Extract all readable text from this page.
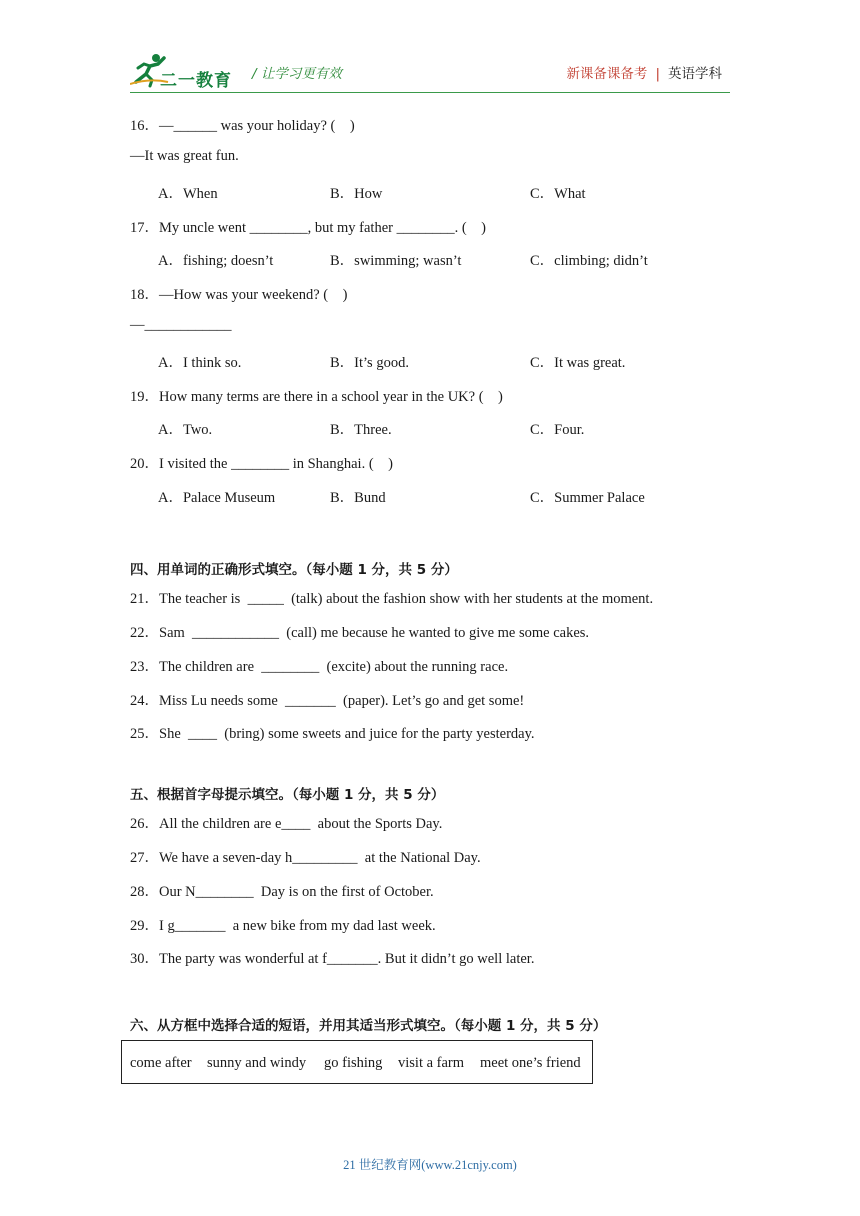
二一教育 / 让学习更有效	新课备课备考 | 英语学科
16．—______ was your holiday? (    )
—It was great fun.
A．When	B．How	C．What
17．My uncle went ________, but my father ________. (    )
A．fishing; doesn’t	B．swimming; wasn’t	C．climbing; didn’t
18．—How was your weekend? (    )
—____________
A．I think so.	B．It’s good.	C．It was great.
19．How many terms are there in a school year in the UK? (    )
A．Two.	B．Three.	C．Four.
20．I visited the ________ in Shanghai. (    )
A．Palace Museum	B．Bund	C．Summer Palace
四、用单词的正确形式填空。（每小题 1 分，共 5 分）
21．The teacher is  _____  (talk) about the fashion show with her students at the moment.
22．Sam  ____________  (call) me because he wanted to give me some cakes.
23．The children are  ________  (excite) about the running race.
24．Miss Lu needs some  _______  (paper). Let’s go and get some!
25．She  ____  (bring) some sweets and juice for the party yesterday.
五、根据首字母提示填空。（每小题 1 分，共 5 分）
26．All the children are e____  about the Sports Day.
27．We have a seven-day h_________  at the National Day.
28．Our N________  Day is on the first of October.
29．I g_______  a new bike from my dad last week.
30．The party was wonderful at f_______. But it didn’t go well later.
六、从方框中选择合适的短语，并用其适当形式填空。（每小题 1 分，共 5 分）
come after sunny and windy go fishing visit a farm meet one’s friend
21 世纪教育网(www.21cnjy.com)
